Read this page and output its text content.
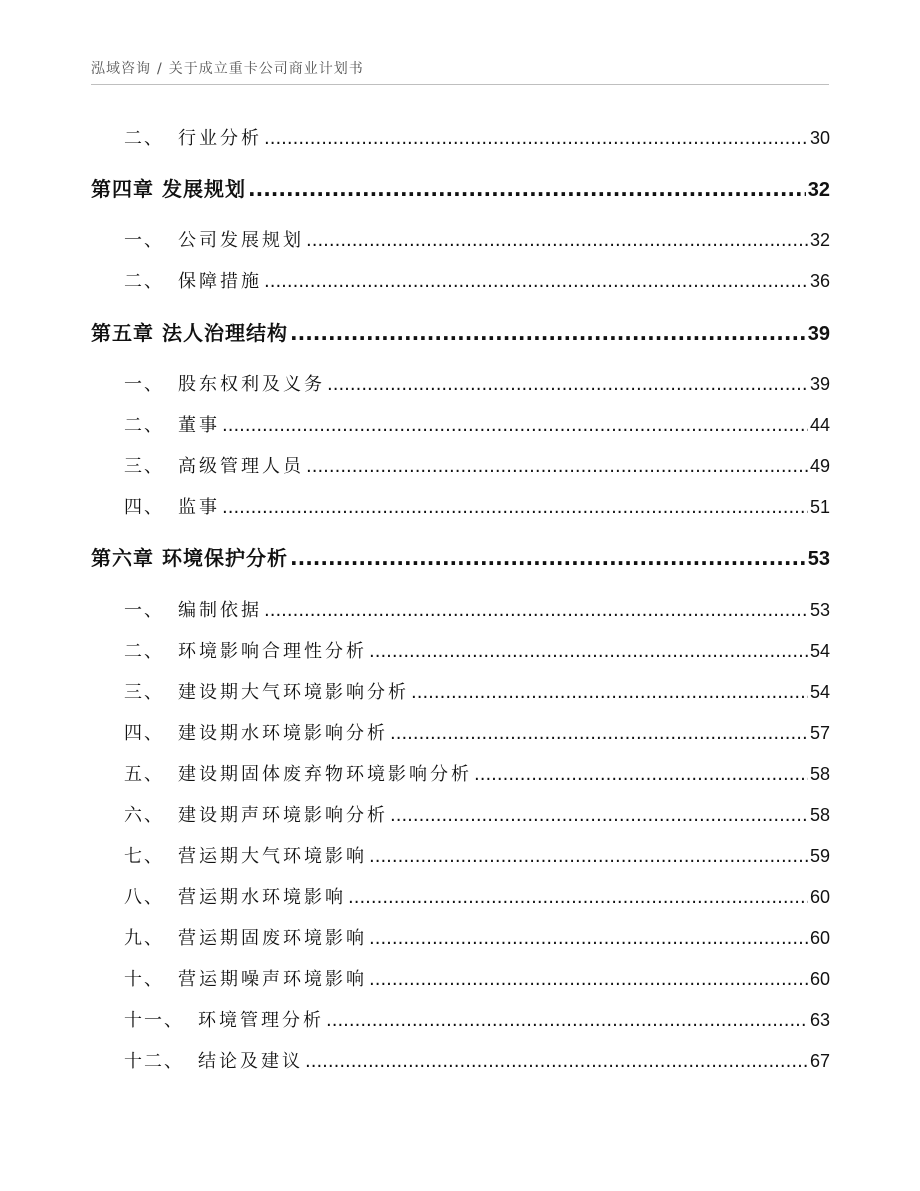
泓域咨询 / 关于成立重卡公司商业计划书
二、 行业分析 .....	30
第四章 发展规划 .....	32
一、 公司发展规划 .....	32
二、 保障措施 .....	36
第五章 法人治理结构 .....	39
一、 股东权利及义务 .....	39
二、 董事 .....	44
三、 高级管理人员 .....	49
四、 监事 .....	51
第六章 环境保护分析 .....	53
一、 编制依据 .....	53
二、 环境影响合理性分析 .....	54
三、 建设期大气环境影响分析 .....	54
四、 建设期水环境影响分析 .....	57
五、 建设期固体废弃物环境影响分析 .....	58
六、 建设期声环境影响分析 .....	58
七、 营运期大气环境影响 .....	59
八、 营运期水环境影响 .....	60
九、 营运期固废环境影响 .....	60
十、 营运期噪声环境影响 .....	60
十一、 环境管理分析 .....	63
十二、 结论及建议 .....	67
